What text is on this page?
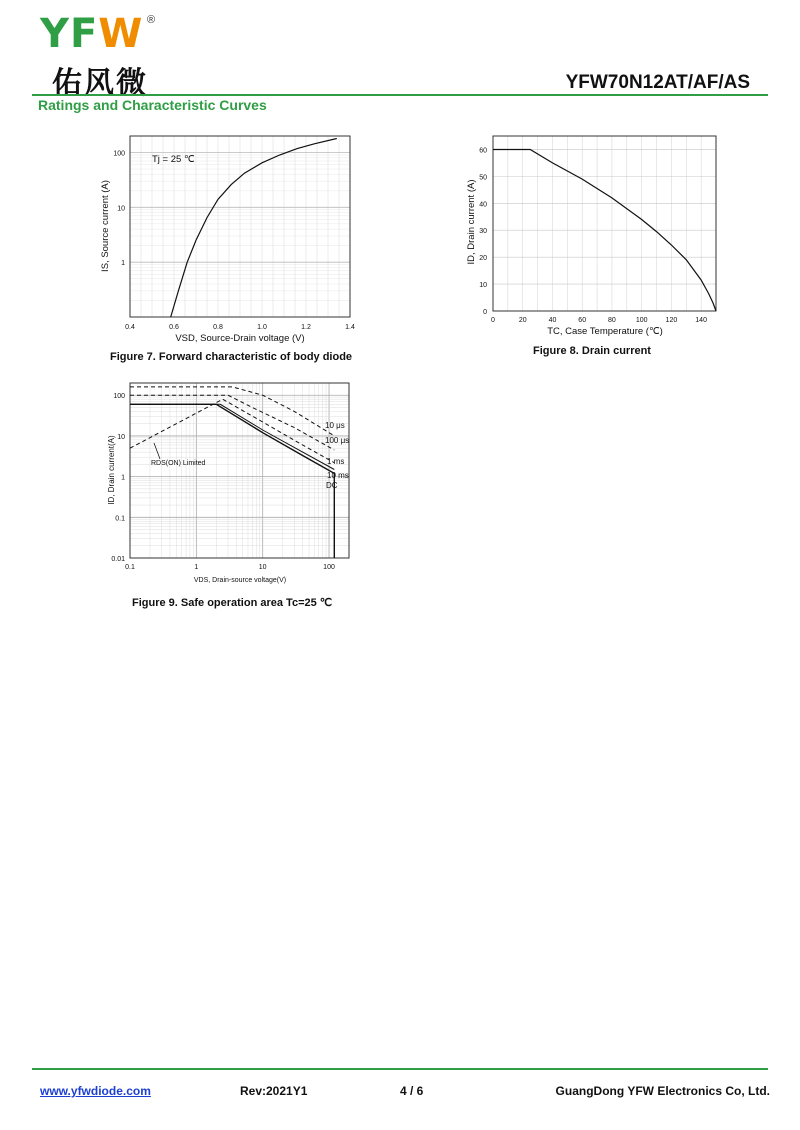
YFW ®
佑风微	YFW70N12AT/AF/AS
Ratings and Characteristic Curves
0.4	0.6	0.8	1.0	1.2	1.4
1
10
100	Tj = 25 ℃
VSD, Source-Drain voltage (V)
IS, Source current (A)
0	20	40	60	80	100	120	140
0
10
20
30
40
50
60
TC, Case Temperature (℃)
ID, Drain current (A)
0.1	1	10	100
0.01
0.1
1
10
100
10 μs
100 μs
1 ms
10 ms
DC
RDS(ON) Limited
VDS, Drain-source voltage(V)
ID, Drain current(A)
Figure 7. Forward characteristic of body diode	Figure 8. Drain current
Figure 9. Safe operation area Tc=25 ℃
www.yfwdiode.com	Rev:2021Y1	4 / 6	GuangDong YFW Electronics Co, Ltd.
